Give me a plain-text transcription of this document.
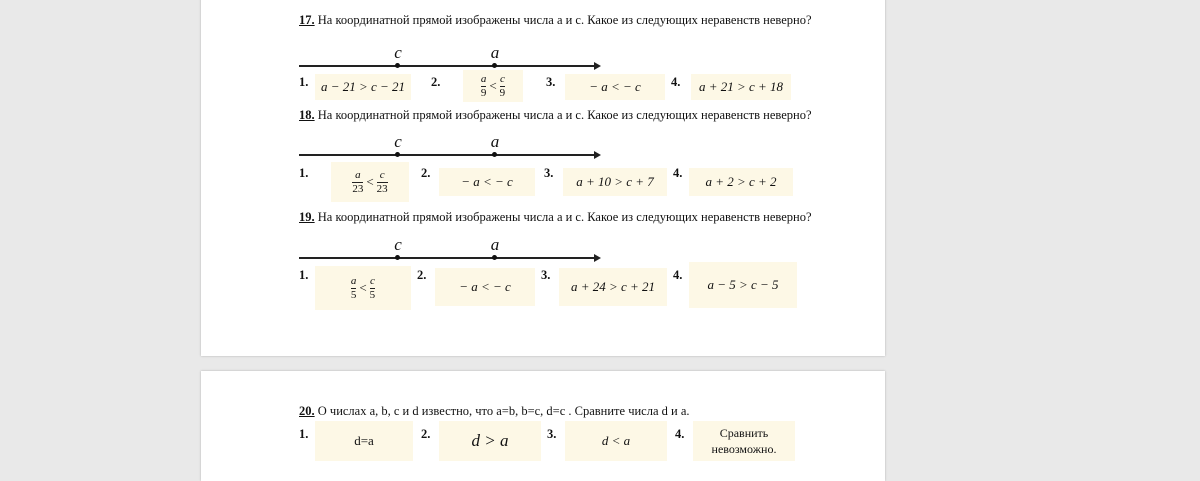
17. На координатной прямой изображены числа а и с. Какое из следующих неравенств неверно?
c	a
1. a − 21 > c − 21	2.	$\frac{a}{9} < \frac{c}{9}$	3.	− a < − c	4.	a + 21 > c + 18
18. На координатной прямой изображены числа а и с. Какое из следующих неравенств неверно?
c	a
1.	$\frac{a}{23} < \frac{c}{23}$	2.
− a < − c
3.
a + 10 > c + 7
4.
a + 2 > c + 2
19. На координатной прямой изображены числа а и с. Какое из следующих неравенств неверно?
c	a
1.
$\frac{a}{5} < \frac{c}{5}$
2.
− a < − c
3.
a + 24 > c + 21
4.
a − 5 > c − 5
20. О числах a, b, c и d известно, что a=b, b=c, d=c . Сравните числа d и a.
1.	d=a	2.	d > a	3.	d < a	4.	Сравнить невозможно.
